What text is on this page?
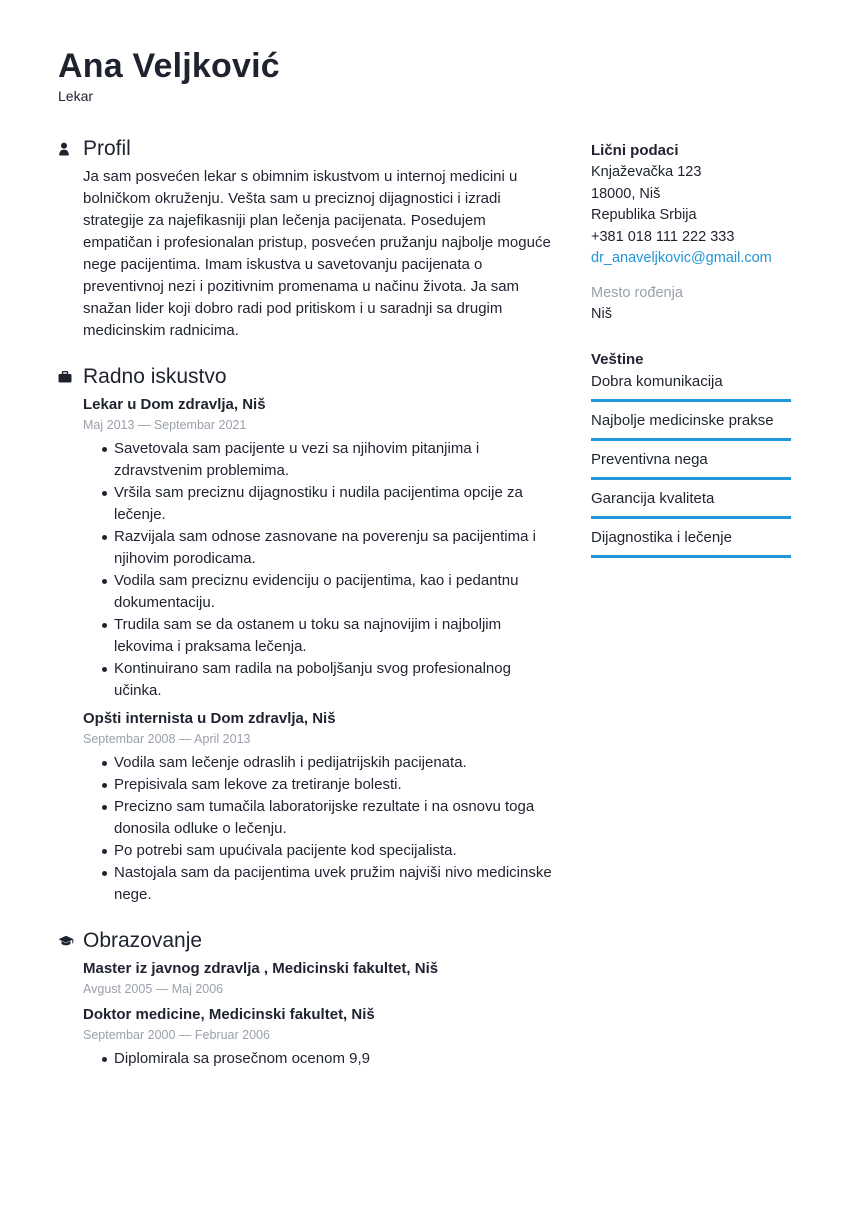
Ana Veljković
Lekar
Profil
Ja sam posvećen lekar s obimnim iskustvom u internoj medicini u bolničkom okruženju. Vešta sam u preciznoj dijagnostici i izradi strategije za najefikasniji plan lečenja pacijenata. Posedujem empatičan i profesionalan pristup, posvećen pružanju najbolje moguće nege pacijentima. Imam iskustva u savetovanju pacijenata o preventivnoj nezi i pozitivnim promenama u načinu života. Ja sam snažan lider koji dobro radi pod pritiskom i u saradnji sa drugim medicinskim radnicima.
Radno iskustvo
Lekar u Dom zdravlja, Niš
Maj 2013 — Septembar 2021
Savetovala sam pacijente u vezi sa njihovim pitanjima i zdravstvenim problemima.
Vršila sam preciznu dijagnostiku i nudila pacijentima opcije za lečenje.
Razvijala sam odnose zasnovane na poverenju sa pacijentima i njihovim porodicama.
Vodila sam preciznu evidenciju o pacijentima, kao i pedantnu dokumentaciju.
Trudila sam se da ostanem u toku sa najnovijim i najboljim lekovima i praksama lečenja.
Kontinuirano sam radila na poboljšanju svog profesionalnog učinka.
Opšti internista u Dom zdravlja, Niš
Septembar 2008 — April 2013
Vodila sam lečenje odraslih i pedijatrijskih pacijenata.
Prepisivala sam lekove za tretiranje bolesti.
Precizno sam tumačila laboratorijske rezultate i na osnovu toga donosila odluke o lečenju.
Po potrebi sam upućivala pacijente kod specijalista.
Nastojala sam da pacijentima uvek pružim najviši nivo medicinske nege.
Obrazovanje
Master iz javnog zdravlja , Medicinski fakultet, Niš
Avgust 2005 — Maj 2006
Doktor medicine, Medicinski fakultet, Niš
Septembar 2000 — Februar 2006
Diplomirala sa prosečnom ocenom 9,9
Lični podaci
Knjaževačka 123
18000, Niš
Republika Srbija
+381 018 111 222 333
dr_anaveljkovic@gmail.com
Mesto rođenja
Niš
Veštine
Dobra komunikacija
Najbolje medicinske prakse
Preventivna nega
Garancija kvaliteta
Dijagnostika i lečenje
